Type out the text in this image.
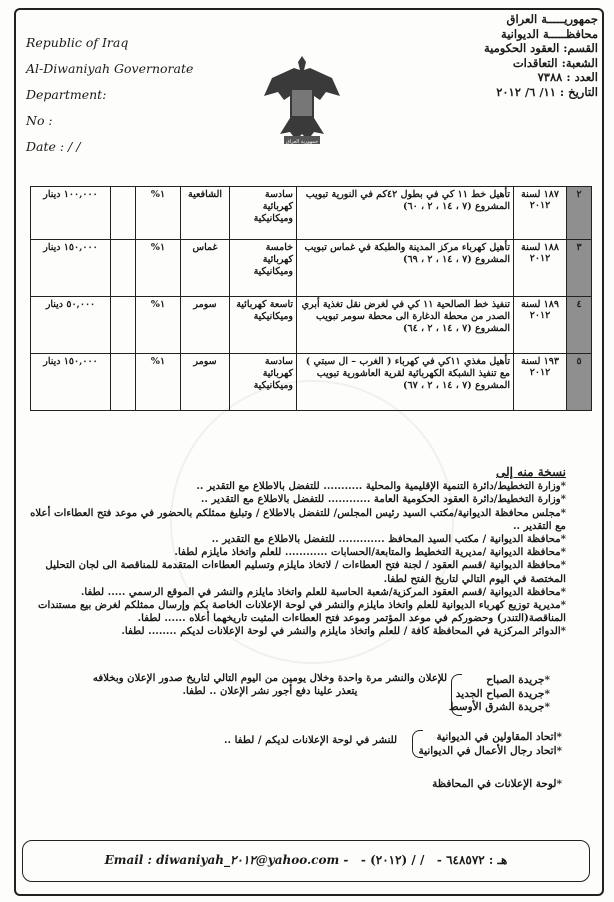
Republic of Iraq
Al-Diwaniyah Governorate
Department:
No :
Date : / /
جمهوريـــــة العراق
محافظـــــة الديوانية
القسم: العقود الحكومية
الشعبة: التعاقدات
العدد : ٧٣٨٨
التاريخ : ١١/ ٦/ ٢٠١٢
جمهورية العراق
٢	١٨٧ لسنة ٢٠١٢	تأهيل خط ١١ كي في بطول ٤٢كم في النورية تبويب المشروع (٧ ، ١٤ ، ٢ ، ٦٠)	سادسة كهربائية وميكانيكية	الشافعية	١%		١٠٠,٠٠٠ دينار
٣	١٨٨ لسنة ٢٠١٢	تأهيل كهرباء مركز المدينة والطبكة في غماس تبويب المشروع (٧ ، ١٤ ، ٢ ، ٦٩)	خامسة كهربائية وميكانيكية	غماس	١%		١٥٠,٠٠٠ دينار
٤	١٨٩ لسنة ٢٠١٢	تنفيذ خط الصالحية ١١ كي في لغرض نقل تغذية أبري الصدر من محطة الدغارة الى محطة سومر تبويب المشروع (٧ ، ١٤ ، ٢ ، ٦٤)	تاسعة كهربائية وميكانيكية	سومر	١%		٥٠,٠٠٠ دينار
٥	١٩٣ لسنة ٢٠١٢	تأهيل مغذي ١١كي في كهرباء ( الغرب – ال سبتي ) مع تنفيذ الشبكة الكهربائية لقرية العاشورية تبويب المشروع (٧ ، ١٤ ، ٢ ، ٦٧)	سادسة كهربائية وميكانيكية	سومر	١%		١٥٠,٠٠٠ دينار
نسخة منه إلى
*وزارة التخطيط/دائرة التنمية الإقليمية والمحلية ........... للتفضل بالاطلاع مع التقدير ..
*وزارة التخطيط/دائرة العقود الحكومية العامة ............ للتفضل بالاطلاع مع التقدير ..
*مجلس محافظة الديوانية/مكتب السيد رئيس المجلس/ للتفضل بالاطلاع / وتبليغ ممثلكم بالحضور في موعد فتح العطاءات أعلاه مع التقدير ..
*محافظة الديوانية / مكتب السيد المحافظ ............. للتفضل بالاطلاع مع التقدير ..
*محافظة الديوانية /مديرية التخطيط والمتابعة/الحسابات ............ للعلم واتخاذ مايلزم لطفا.
*محافظة الديوانية /قسم العقود / لجنة فتح العطاءات / لاتخاذ مايلزم وتسليم العطاءات المتقدمة للمناقصة الى لجان التحليل المختصة في اليوم التالي لتاريخ الفتح لطفا.
*محافظة الديوانية /قسم العقود المركزية/شعبة الحاسبة للعلم واتخاذ مايلزم والنشر في الموقع الرسمي ..... لطفا.
*مديرية توزيع كهرباء الديوانية للعلم واتخاذ مايلزم والنشر في لوحة الإعلانات الخاصة بكم وإرسال ممثلكم لغرض بيع مستندات المناقصة(التندر) وحضوركم في موعد المؤتمر وموعد فتح العطاءات المثبت تاريخهما أعلاه ...... لطفا.
*الدوائر المركزية في المحافظة كافة / للعلم واتخاذ مايلزم والنشر في لوحة الإعلانات لديكم ........ لطفا.
*جريدة الصباح
*جريدة الصباح الجديد
*جريدة الشرق الأوسط
للإعلان والنشر مرة واحدة وخلال يومين من اليوم التالي لتاريخ صدور الإعلان وبخلافه يتعذر علينا دفع أجور نشر الإعلان .. لطفا.
*اتحاد المقاولين في الديوانية
*اتحاد رجال الأعمال في الديوانية
للنشر في لوحة الإعلانات لديكم / لطفا ..
*لوحة الإعلانات في المحافظة
Email : diwaniyah_٢٠١٢@yahoo.com - / / (٢٠١٢) - هـ : ٦٤٨٥٧٢ -
